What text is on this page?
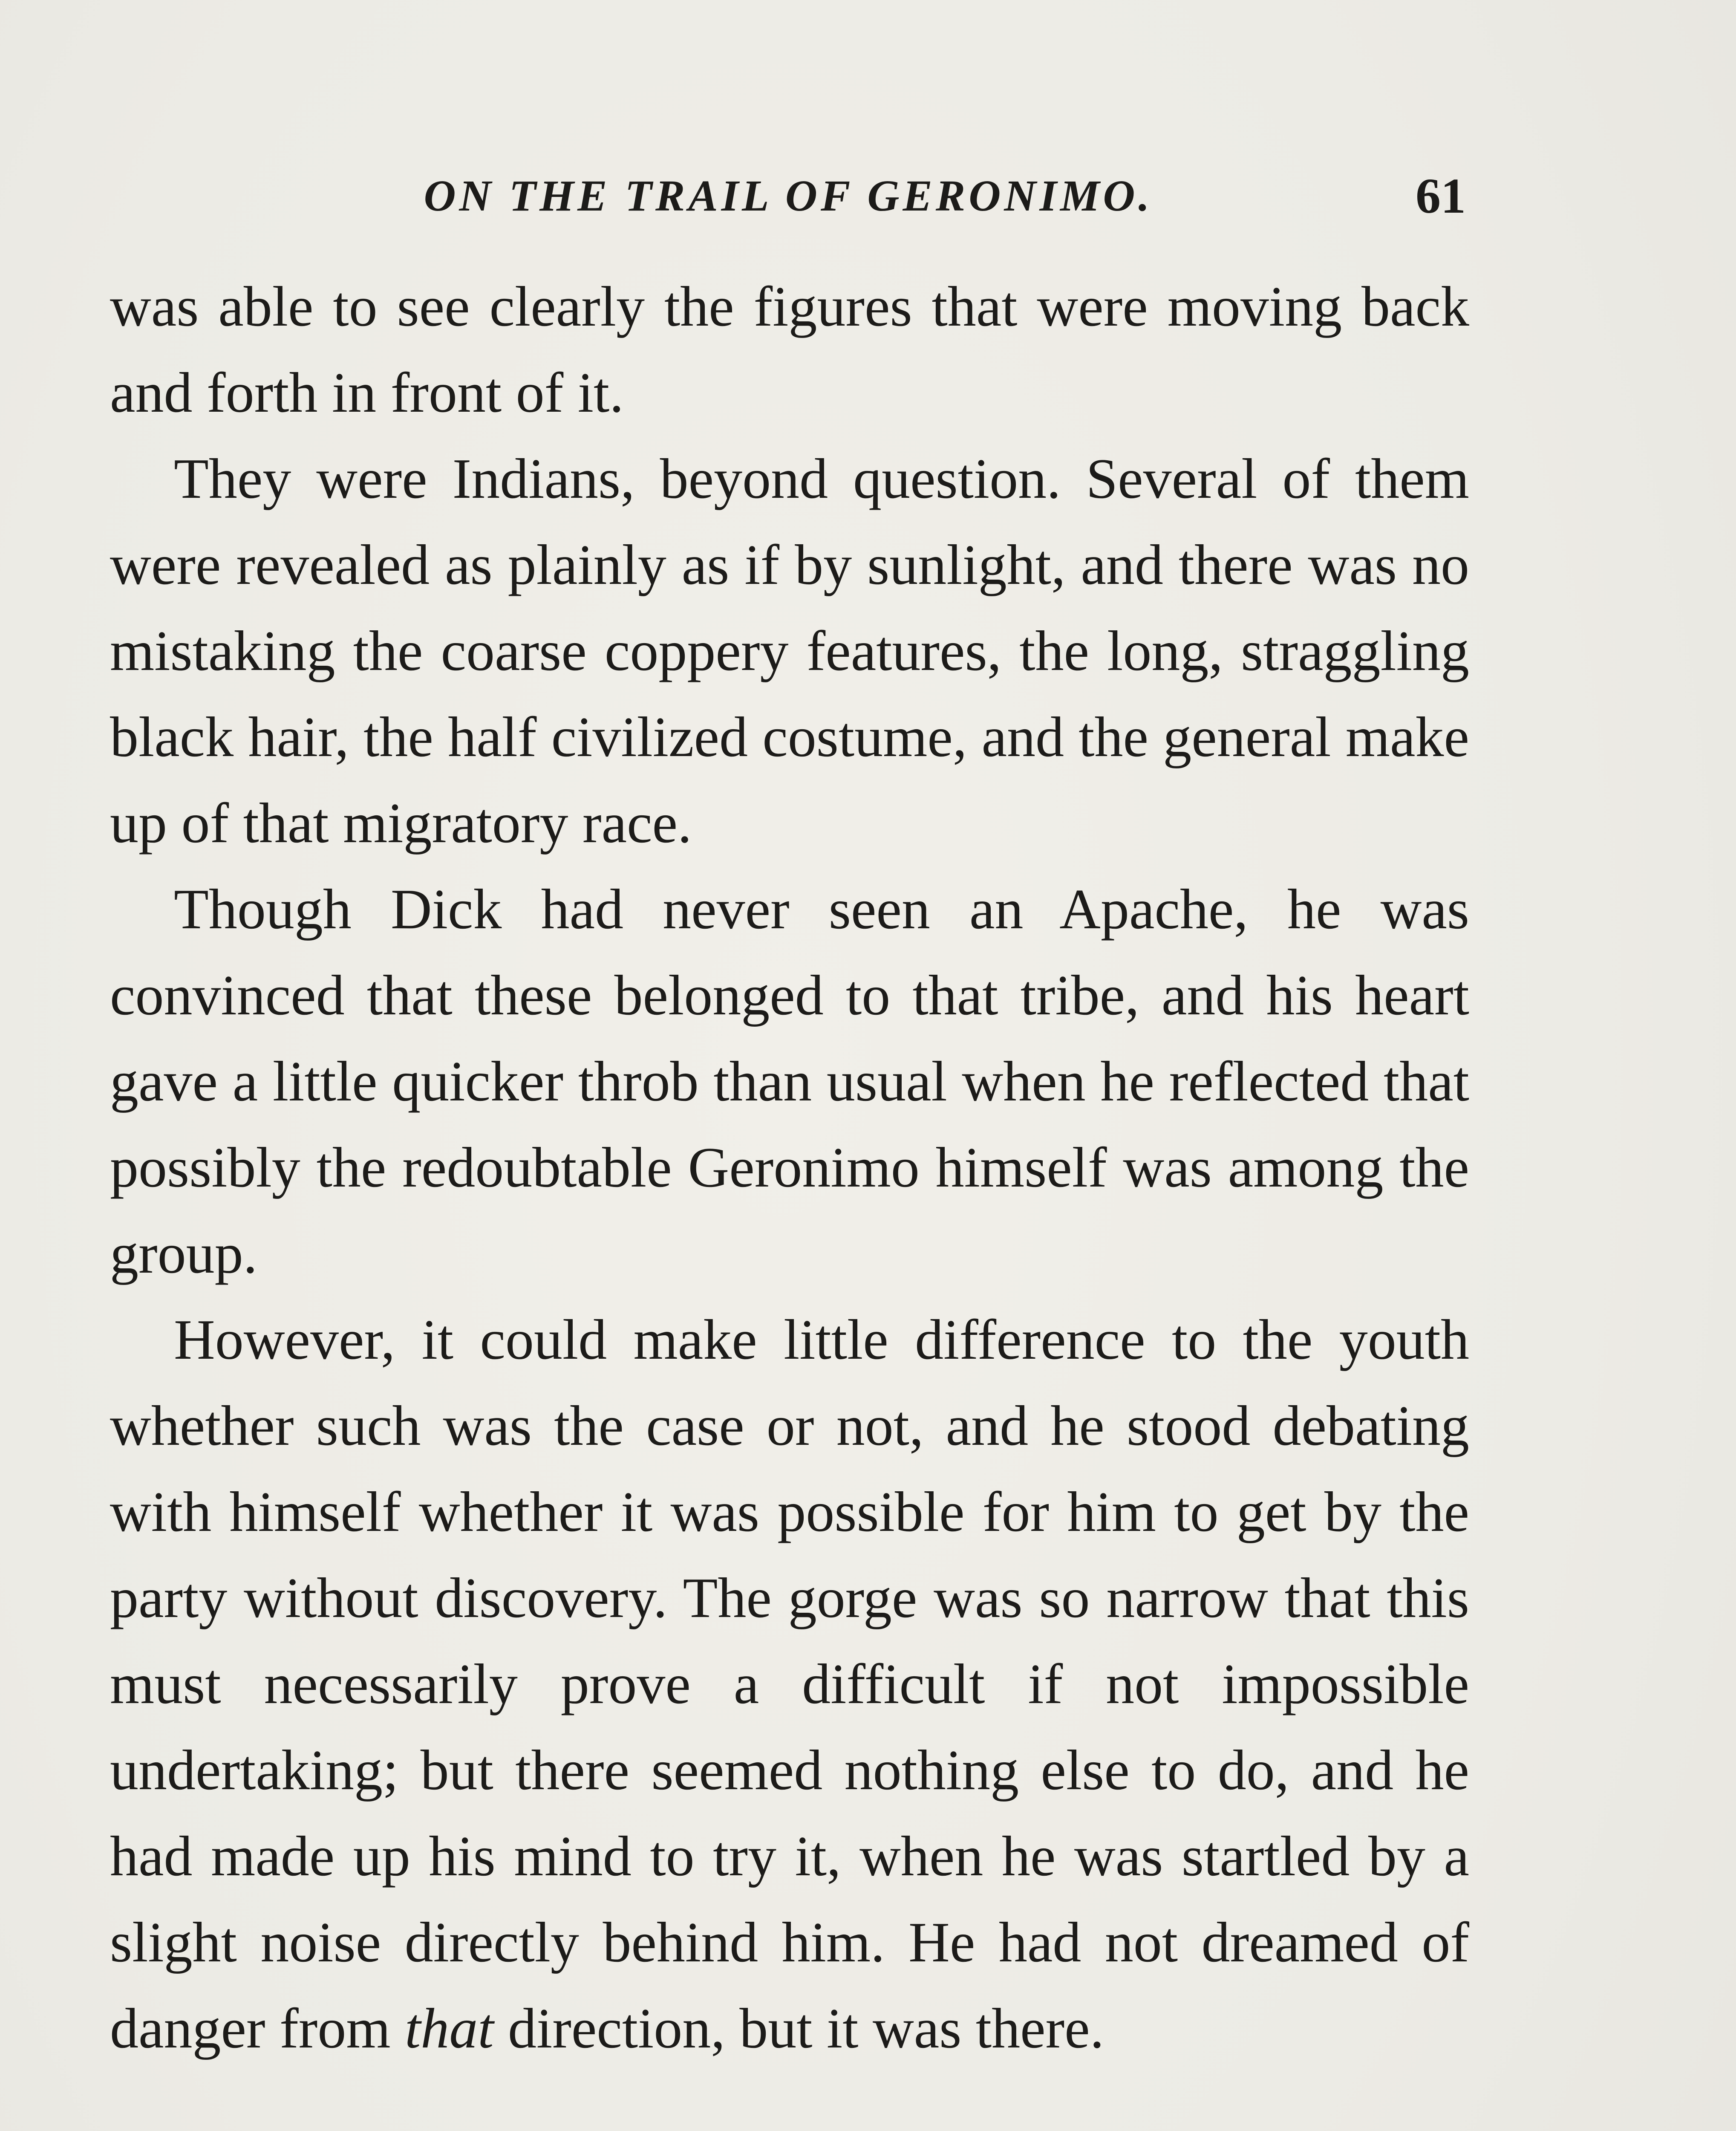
ON THE TRAIL OF GERONIMO.	61

was able to see clearly the figures that were moving back and forth in front of it.

They were Indians, beyond question. Several of them were revealed as plainly as if by sunlight, and there was no mistaking the coarse coppery features, the long, straggling black hair, the half civilized costume, and the general make up of that migratory race.

Though Dick had never seen an Apache, he was convinced that these belonged to that tribe, and his heart gave a little quicker throb than usual when he reflected that possibly the redoubtable Geronimo himself was among the group.

However, it could make little difference to the youth whether such was the case or not, and he stood debating with himself whether it was possible for him to get by the party without discovery. The gorge was so narrow that this must necessarily prove a difficult if not impossible undertaking; but there seemed nothing else to do, and he had made up his mind to try it, when he was startled by a slight noise directly behind him. He had not dreamed of danger from that direction, but it was there.
